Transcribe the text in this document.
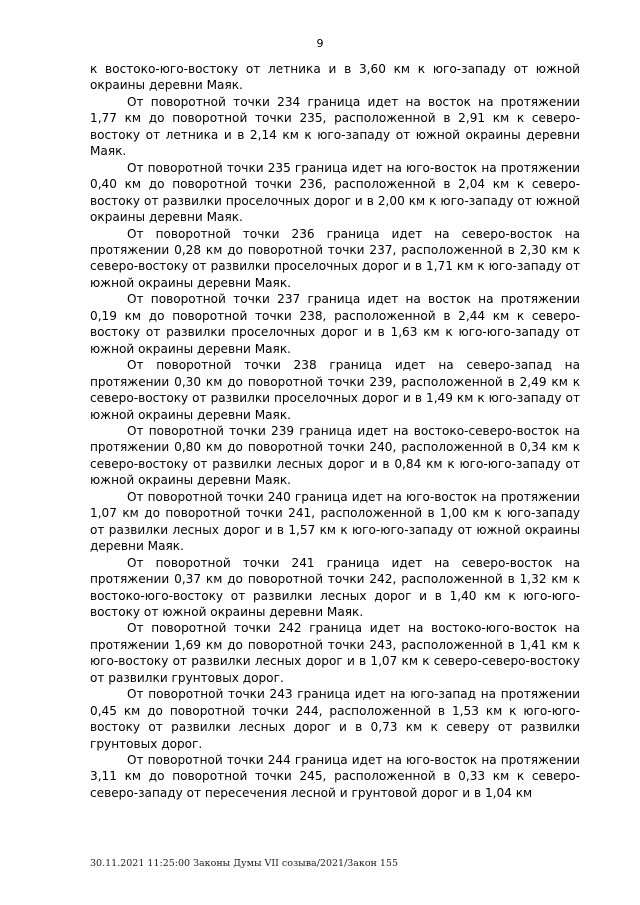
9

к востоко-юго-востоку от летника и в 3,60 км к юго-западу от южной окраины деревни Маяк.

От поворотной точки 234 граница идет на восток на протяжении 1,77 км до поворотной точки 235, расположенной в 2,91 км к северо-востоку от летника и в 2,14 км к юго-западу от южной окраины деревни Маяк.

От поворотной точки 235 граница идет на юго-восток на протяжении 0,40 км до поворотной точки 236, расположенной в 2,04 км к северо-востоку от развилки проселочных дорог и в 2,00 км к юго-западу от южной окраины деревни Маяк.

От поворотной точки 236 граница идет на северо-восток на протяжении 0,28 км до поворотной точки 237, расположенной в 2,30 км к северо-востоку от развилки проселочных дорог и в 1,71 км к юго-западу от южной окраины деревни Маяк.

От поворотной точки 237 граница идет на восток на протяжении 0,19 км до поворотной точки 238, расположенной в 2,44 км к северо-востоку от развилки проселочных дорог и в 1,63 км к юго-юго-западу от южной окраины деревни Маяк.

От поворотной точки 238 граница идет на северо-запад на протяжении 0,30 км до поворотной точки 239, расположенной в 2,49 км к северо-востоку от развилки проселочных дорог и в 1,49 км к юго-западу от южной окраины деревни Маяк.

От поворотной точки 239 граница идет на востоко-северо-восток на протяжении 0,80 км до поворотной точки 240, расположенной в 0,34 км к северо-востоку от развилки лесных дорог и в 0,84 км к юго-юго-западу от южной окраины деревни Маяк.

От поворотной точки 240 граница идет на юго-восток на протяжении 1,07 км до поворотной точки 241, расположенной в 1,00 км к юго-западу от развилки лесных дорог и в 1,57 км к юго-юго-западу от южной окраины деревни Маяк.

От поворотной точки 241 граница идет на северо-восток на протяжении 0,37 км до поворотной точки 242, расположенной в 1,32 км к востоко-юго-востоку от развилки лесных дорог и в 1,40 км к юго-юго-востоку от южной окраины деревни Маяк.

От поворотной точки 242 граница идет на востоко-юго-восток на протяжении 1,69 км до поворотной точки 243, расположенной в 1,41 км к юго-востоку от развилки лесных дорог и в 1,07 км к северо-северо-востоку от развилки грунтовых дорог.

От поворотной точки 243 граница идет на юго-запад на протяжении 0,45 км до поворотной точки 244, расположенной в 1,53 км к юго-юго-востоку от развилки лесных дорог и в 0,73 км к северу от развилки грунтовых дорог.

От поворотной точки 244 граница идет на юго-восток на протяжении 3,11 км до поворотной точки 245, расположенной в 0,33 км к северо-северо-западу от пересечения лесной и грунтовой дорог и в 1,04 км

30.11.2021 11:25:00 Законы Думы VII созыва/2021/Закон 155
